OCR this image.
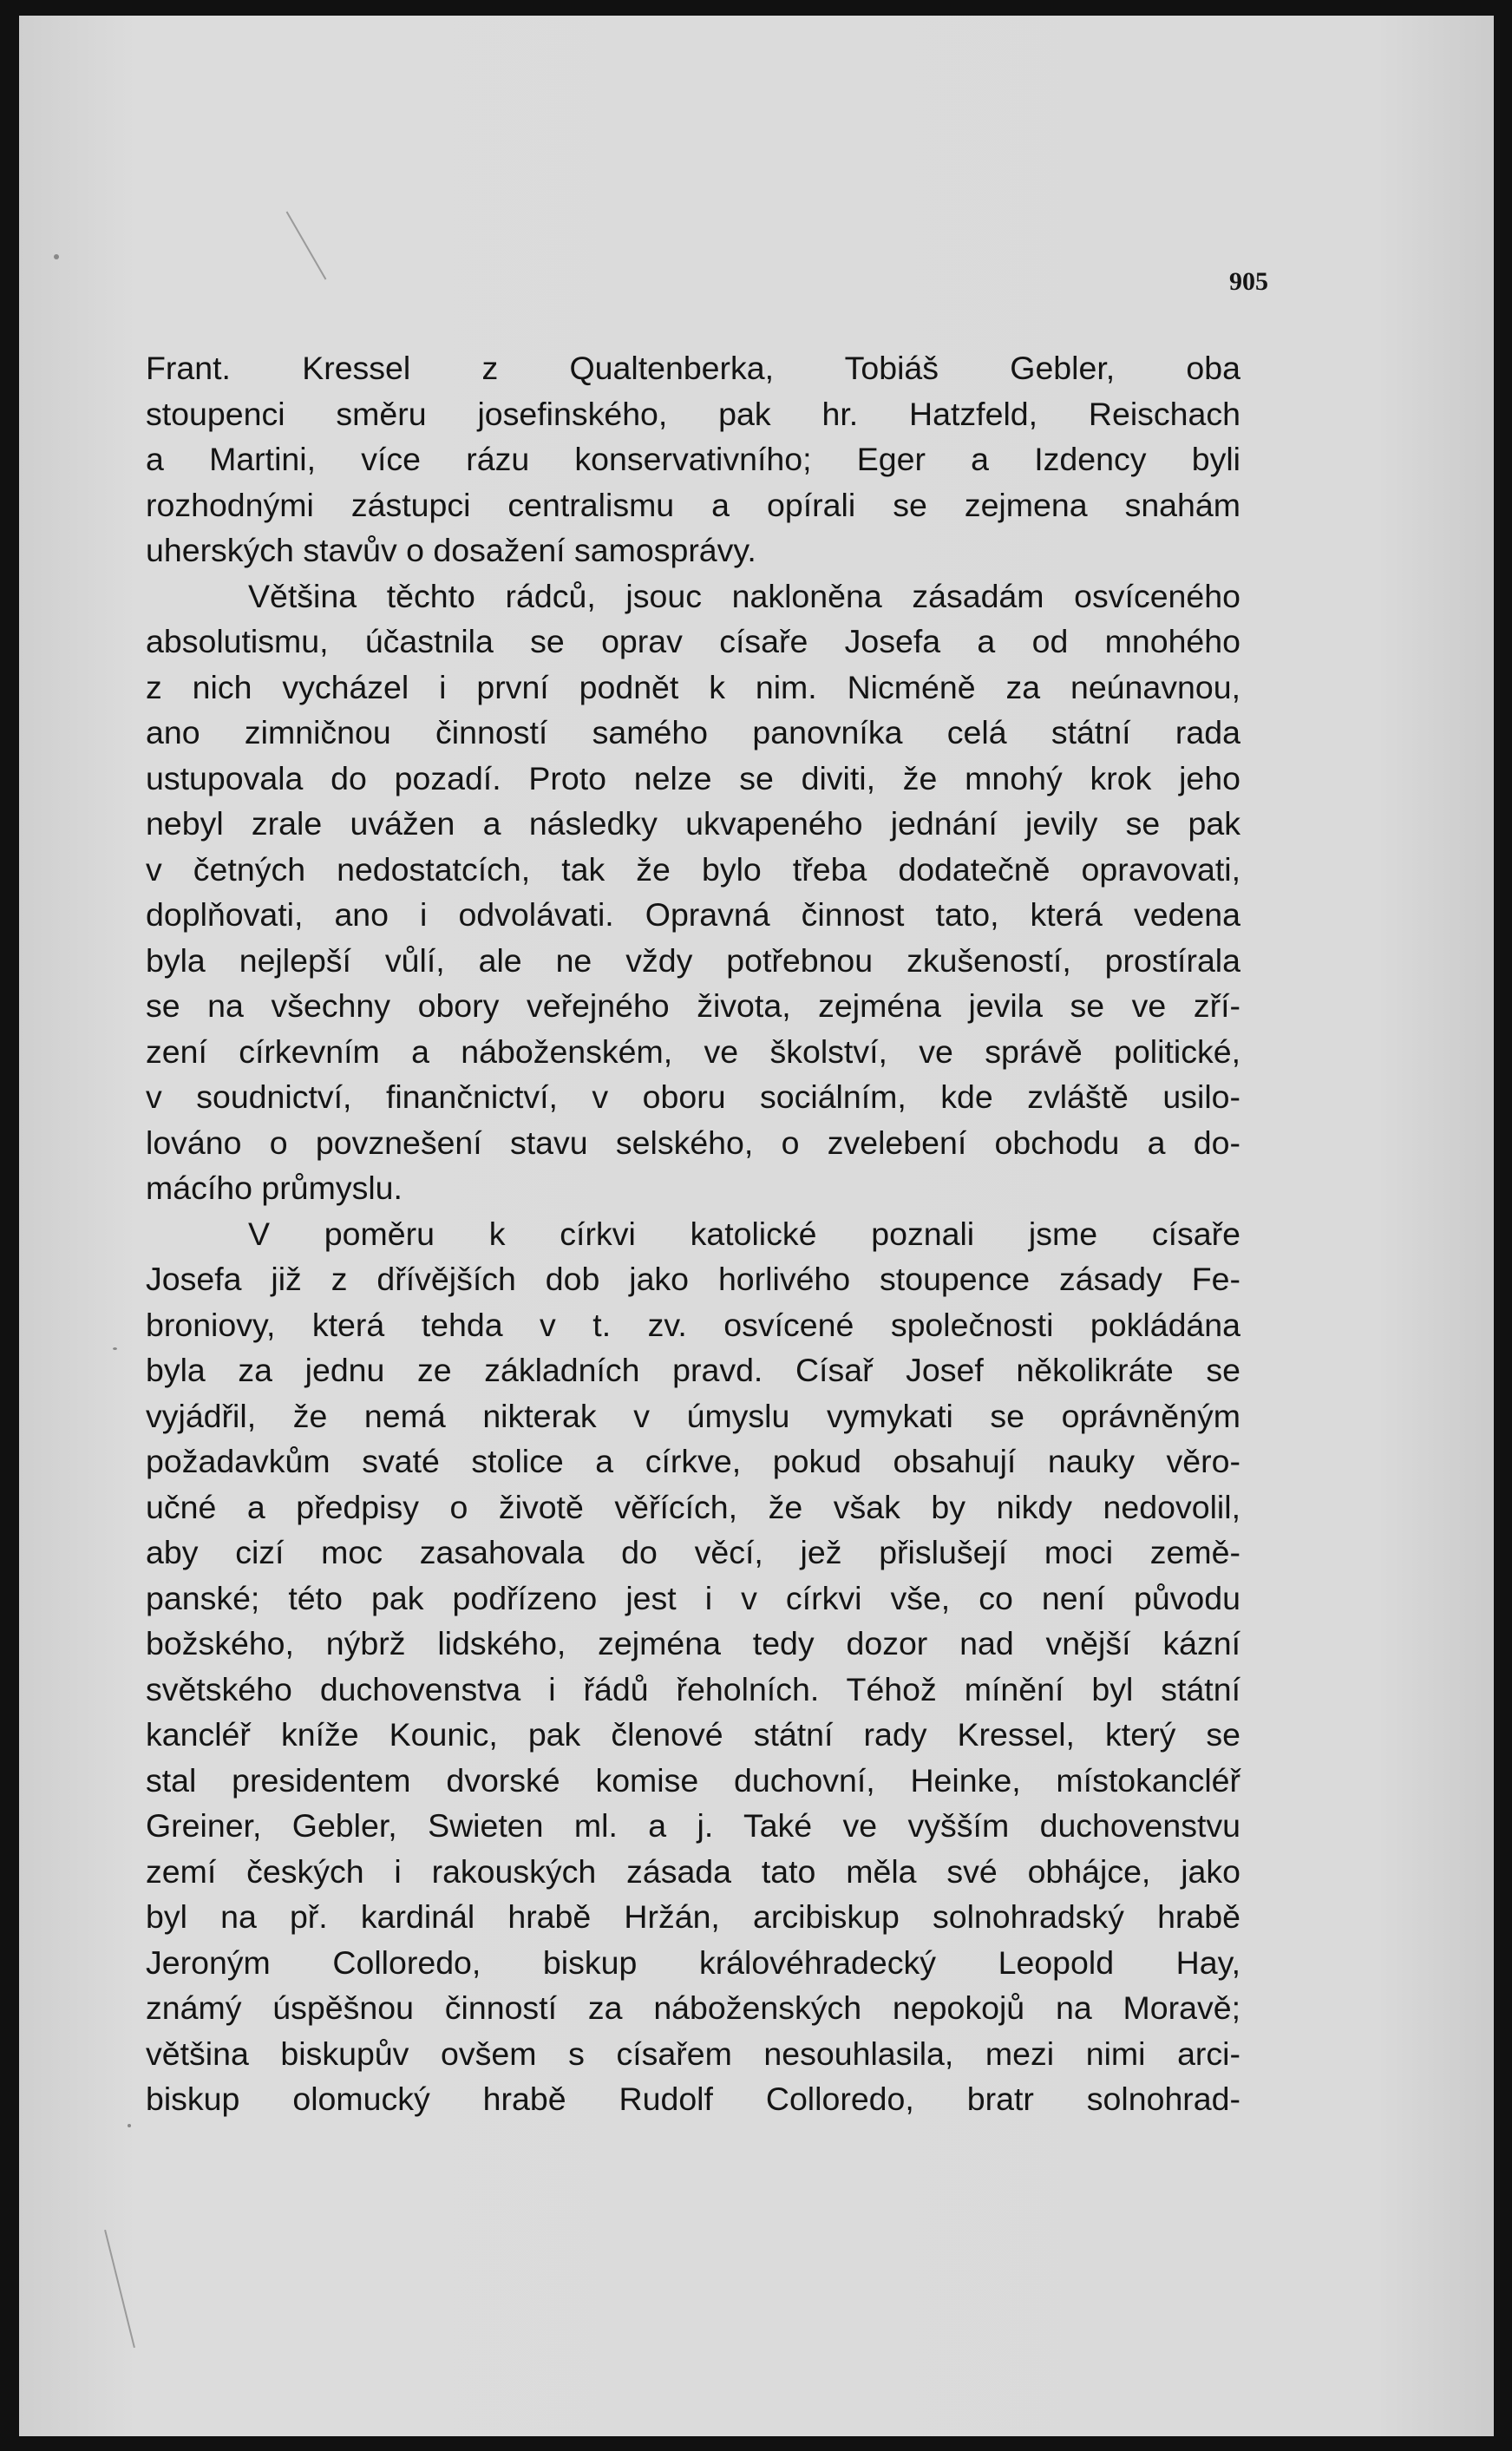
905
Frant. Kressel z Qualtenberka, Tobiáš Gebler, oba
stoupenci směru josefinského, pak hr. Hatzfeld, Reischach
a Martini, více rázu konservativního; Eger a Izdency byli
rozhodnými zástupci centralismu a opírali se zejmena snahám
uherských stavův o dosažení samosprávy.
Většina těchto rádců, jsouc nakloněna zásadám osvíceného
absolutismu, účastnila se oprav císaře Josefa a od mnohého
z nich vycházel i první podnět k nim. Nicméně za neúnavnou,
ano zimničnou činností samého panovníka celá státní rada
ustupovala do pozadí. Proto nelze se diviti, že mnohý krok jeho
nebyl zrale uvážen a následky ukvapeného jednání jevily se pak
v četných nedostatcích, tak že bylo třeba dodatečně opravovati,
doplňovati, ano i odvolávati. Opravná činnost tato, která vedena
byla nejlepší vůlí, ale ne vždy potřebnou zkušeností, prostírala
se na všechny obory veřejného života, zejména jevila se ve zří-
zení církevním a náboženském, ve školství, ve správě politické,
v soudnictví, finančnictví, v oboru sociálním, kde zvláště usilo-
lováno o povznešení stavu selského, o zvelebení obchodu a do-
mácího průmyslu.
V poměru k církvi katolické poznali jsme císaře
Josefa již z dřívějších dob jako horlivého stoupence zásady Fe-
broniovy, která tehda v t. zv. osvícené společnosti pokládána
byla za jednu ze základních pravd. Císař Josef několikráte se
vyjádřil, že nemá nikterak v úmyslu vymykati se oprávněným
požadavkům svaté stolice a církve, pokud obsahují nauky věro-
učné a předpisy o životě věřících, že však by nikdy nedovolil,
aby cizí moc zasahovala do věcí, jež přislušejí moci země-
panské; této pak podřízeno jest i v církvi vše, co není původu
božského, nýbrž lidského, zejména tedy dozor nad vnější kázní
světského duchovenstva i řádů řeholních. Téhož mínění byl státní
kancléř kníže Kounic, pak členové státní rady Kressel, který se
stal presidentem dvorské komise duchovní, Heinke, místokancléř
Greiner, Gebler, Swieten ml. a j. Také ve vyšším duchovenstvu
zemí českých i rakouských zásada tato měla své obhájce, jako
byl na př. kardinál hrabě Hržán, arcibiskup solnohradský hrabě
Jeroným Colloredo, biskup královéhradecký Leopold Hay,
známý úspěšnou činností za náboženských nepokojů na Moravě;
většina biskupův ovšem s císařem nesouhlasila, mezi nimi arci-
biskup olomucký hrabě Rudolf Colloredo, bratr solnohrad-
